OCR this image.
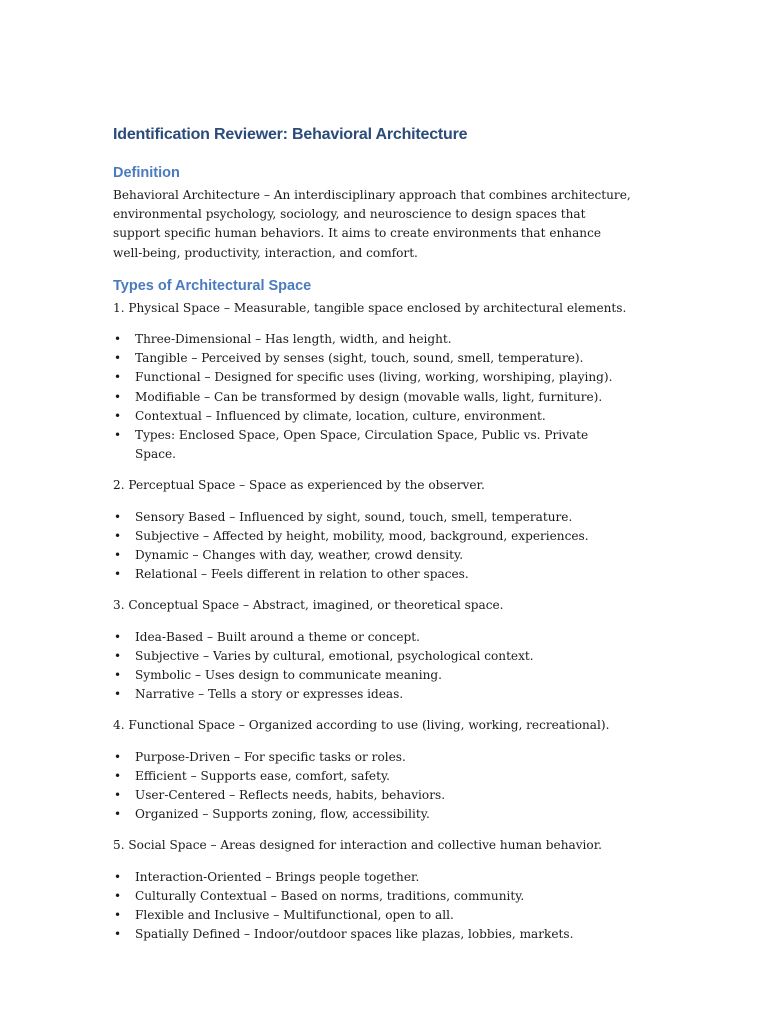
Identification Reviewer: Behavioral Architecture
Definition

Behavioral Architecture – An interdisciplinary approach that combines architecture, environmental psychology, sociology, and neuroscience to design spaces that support specific human behaviors. It aims to create environments that enhance well-being, productivity, interaction, and comfort.

Types of Architectural Space

1. Physical Space – Measurable, tangible space enclosed by architectural elements.

• Three-Dimensional – Has length, width, and height.
• Tangible – Perceived by senses (sight, touch, sound, smell, temperature).
• Functional – Designed for specific uses (living, working, worshiping, playing).
• Modifiable – Can be transformed by design (movable walls, light, furniture).
• Contextual – Influenced by climate, location, culture, environment.
• Types: Enclosed Space, Open Space, Circulation Space, Public vs. Private Space.

2. Perceptual Space – Space as experienced by the observer.

• Sensory Based – Influenced by sight, sound, touch, smell, temperature.
• Subjective – Affected by height, mobility, mood, background, experiences.
• Dynamic – Changes with day, weather, crowd density.
• Relational – Feels different in relation to other spaces.

3. Conceptual Space – Abstract, imagined, or theoretical space.

• Idea-Based – Built around a theme or concept.
• Subjective – Varies by cultural, emotional, psychological context.
• Symbolic – Uses design to communicate meaning.
• Narrative – Tells a story or expresses ideas.

4. Functional Space – Organized according to use (living, working, recreational).

• Purpose-Driven – For specific tasks or roles.
• Efficient – Supports ease, comfort, safety.
• User-Centered – Reflects needs, habits, behaviors.
• Organized – Supports zoning, flow, accessibility.

5. Social Space – Areas designed for interaction and collective human behavior.

• Interaction-Oriented – Brings people together.
• Culturally Contextual – Based on norms, traditions, community.
• Flexible and Inclusive – Multifunctional, open to all.
• Spatially Defined – Indoor/outdoor spaces like plazas, lobbies, markets.
